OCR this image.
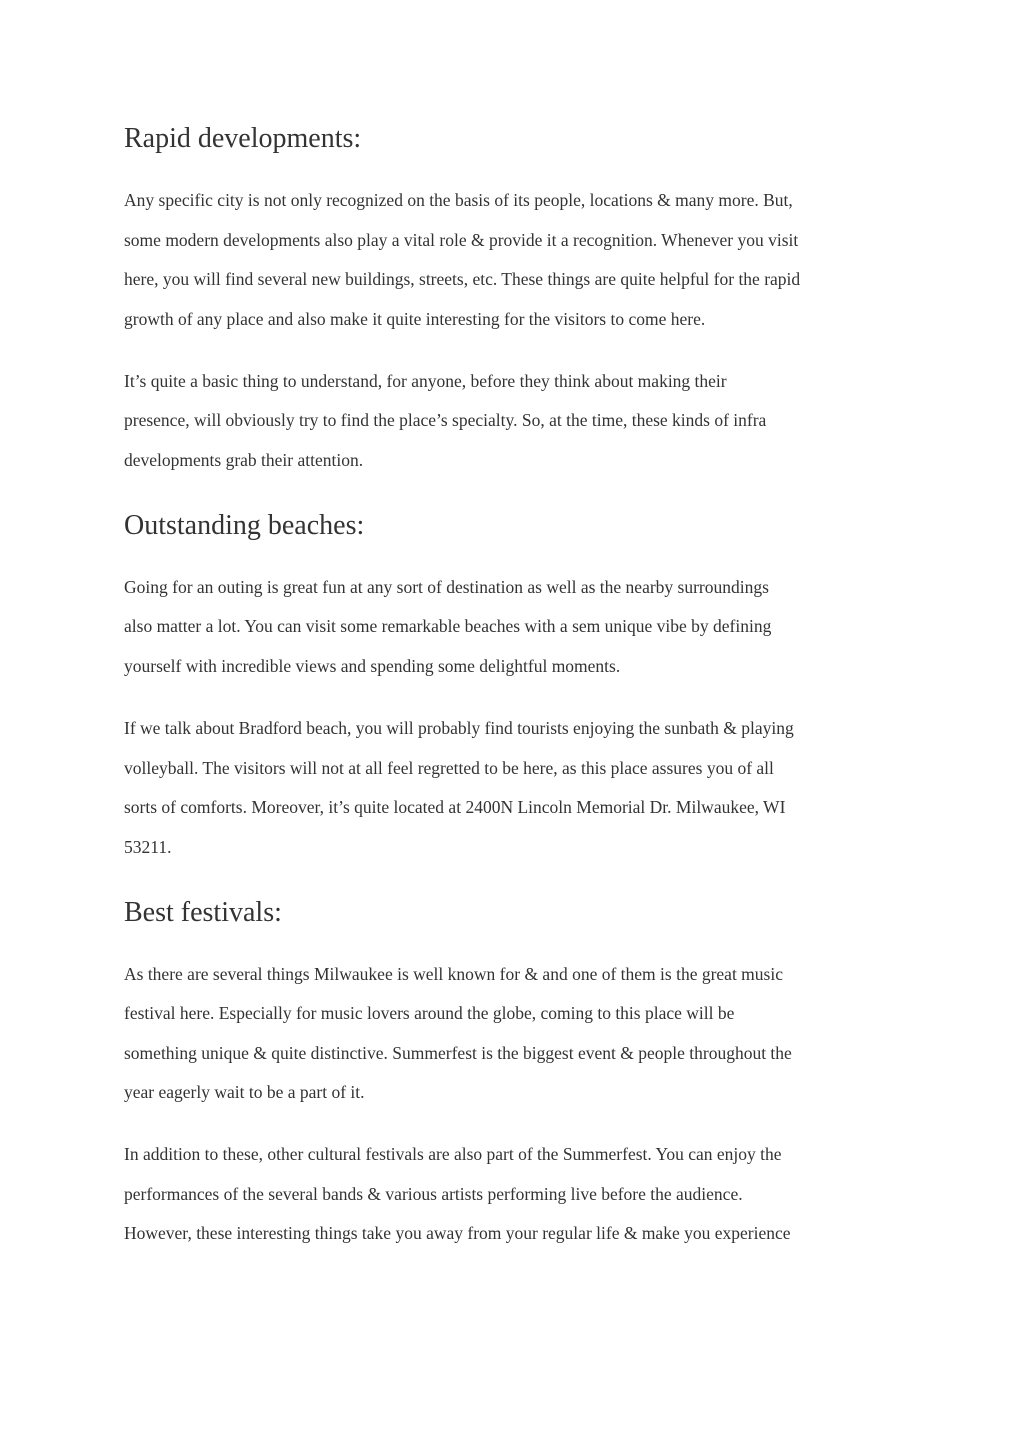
Rapid developments:
Any specific city is not only recognized on the basis of its people, locations & many more. But,
some modern developments also play a vital role & provide it a recognition. Whenever you visit
here, you will find several new buildings, streets, etc. These things are quite helpful for the rapid
growth of any place and also make it quite interesting for the visitors to come here.
It’s quite a basic thing to understand, for anyone, before they think about making their
presence, will obviously try to find the place’s specialty. So, at the time, these kinds of infra
developments grab their attention.
Outstanding beaches:
Going for an outing is great fun at any sort of destination as well as the nearby surroundings
also matter a lot. You can visit some remarkable beaches with a sem unique vibe by defining
yourself with incredible views and spending some delightful moments.
If we talk about Bradford beach, you will probably find tourists enjoying the sunbath & playing
volleyball. The visitors will not at all feel regretted to be here, as this place assures you of all
sorts of comforts. Moreover, it’s quite located at 2400N Lincoln Memorial Dr. Milwaukee, WI
53211.
Best festivals:
As there are several things Milwaukee is well known for & and one of them is the great music
festival here. Especially for music lovers around the globe, coming to this place will be
something unique & quite distinctive. Summerfest is the biggest event & people throughout the
year eagerly wait to be a part of it.
In addition to these, other cultural festivals are also part of the Summerfest. You can enjoy the
performances of the several bands & various artists performing live before the audience.
However, these interesting things take you away from your regular life & make you experience
